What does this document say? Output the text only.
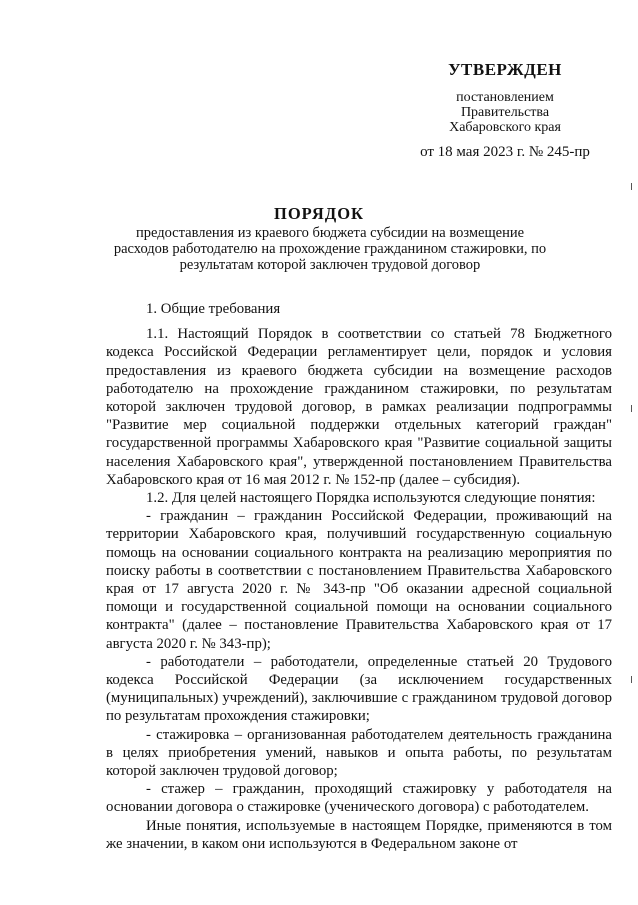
УТВЕРЖДЕН
постановлением
Правительства
Хабаровского края
от 18 мая 2023 г. № 245-пр
ПОРЯДОК
предоставления из краевого бюджета субсидии на возмещение расходов работодателю на прохождение гражданином стажировки, по результатам которой заключен трудовой договор

1. Общие требования

1.1. Настоящий Порядок в соответствии со статьей 78 Бюджетного кодекса Российской Федерации регламентирует цели, порядок и условия предоставления из краевого бюджета субсидии на возмещение расходов работодателю на прохождение гражданином стажировки, по результатам которой заключен трудовой договор, в рамках реализации подпрограммы "Развитие мер социальной поддержки отдельных категорий граждан" государственной программы Хабаровского края "Развитие социальной защиты населения Хабаровского края", утвержденной постановлением Правительства Хабаровского края от 16 мая 2012 г. № 152-пр (далее – субсидия).

1.2. Для целей настоящего Порядка используются следующие понятия:

- гражданин – гражданин Российской Федерации, проживающий на территории Хабаровского края, получивший государственную социальную помощь на основании социального контракта на реализацию мероприятия по поиску работы в соответствии с постановлением Правительства Хабаровского края от 17 августа 2020 г. № 343-пр "Об оказании адресной социальной помощи и государственной социальной помощи на основании социального контракта" (далее – постановление Правительства Хабаровского края от 17 августа 2020 г. № 343-пр);

- работодатели – работодатели, определенные статьей 20 Трудового кодекса Российской Федерации (за исключением государственных (муниципальных) учреждений), заключившие с гражданином трудовой договор по результатам прохождения стажировки;

- стажировка – организованная работодателем деятельность гражданина в целях приобретения умений, навыков и опыта работы, по результатам которой заключен трудовой договор;

- стажер – гражданин, проходящий стажировку у работодателя на основании договора о стажировке (ученического договора) с работодателем.

Иные понятия, используемые в настоящем Порядке, применяются в том же значении, в каком они используются в Федеральном законе от
